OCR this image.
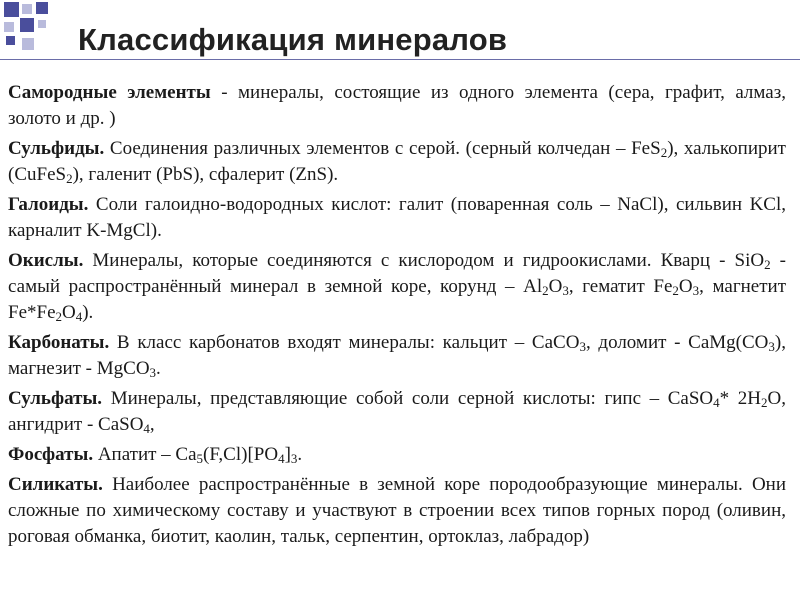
Классификация минералов

Самородные элементы - минералы, состоящие из одного элемента (сера, графит, алмаз, золото и др. )

Сульфиды. Соединения различных элементов с серой. (серный колчедан – FeS$_2$), халькопирит (CuFeS$_2$), галенит (PbS), сфалерит (ZnS).

Галоиды. Соли галоидно-водородных кислот: галит (поваренная соль – NaCl), сильвин KCl, карналит K-MgCl).

Окислы. Минералы, которые соединяются с кислородом и гидроокислами. Кварц - SiO$_2$ - самый распространённый минерал в земной коре, корунд – $Al_2O_3$, гематит $Fe_2O_3$, магнетит $Fe*Fe_2O_4$).

Карбонаты. В класс карбонатов входят минералы: кальцит – CaCO$_3$, доломит - $CaMg(CO_3)$, магнезит - MgCO$_3$.

Сульфаты. Минералы, представляющие собой соли серной кислоты: гипс – CaSO$_4$* $2H_2O$, ангидрит - CaSO$_4$,

Фосфаты. Апатит – $Ca_5(F,Cl)[PO_4]_3$.

Силикаты. Наиболее распространённые в земной коре породообразующие минералы. Они сложные по химическому составу и участвуют в строении всех типов горных пород (оливин, роговая обманка, биотит, каолин, тальк, серпентин, ортоклаз, лабрадор)
